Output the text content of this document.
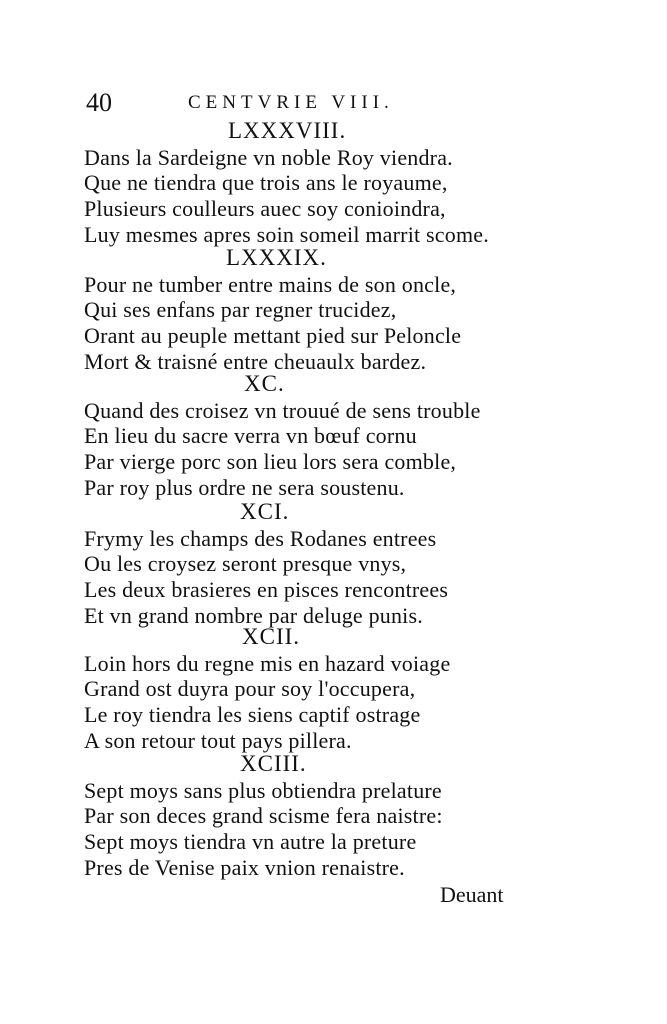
40	CENTVRIE VIII.
LXXXVIII.
Dans la Sardeigne vn noble Roy viendra.
Que ne tiendra que trois ans le royaume,
Plusieurs coulleurs auec soy conioindra,
Luy mesmes apres soin someil marrit scome.
LXXXIX.
Pour ne tumber entre mains de son oncle,
Qui ses enfans par regner trucidez,
Orant au peuple mettant pied sur Peloncle
Mort & traisné entre cheuaulx bardez.
XC.
Quand des croisez vn trouué de sens trouble
En lieu du sacre verra vn bœuf cornu
Par vierge porc son lieu lors sera comble,
Par roy plus ordre ne sera soustenu.
XCI.
Frymy les champs des Rodanes entrees
Ou les croysez seront presque vnys,
Les deux brasieres en pisces rencontrees
Et vn grand nombre par deluge punis.
XCII.
Loin hors du regne mis en hazard voiage
Grand ost duyra pour soy l'occupera,
Le roy tiendra les siens captif ostrage
A son retour tout pays pillera.
XCIII.
Sept moys sans plus obtiendra prelature
Par son deces grand scisme fera naistre:
Sept moys tiendra vn autre la preture
Pres de Venise paix vnion renaistre.
Deuant
